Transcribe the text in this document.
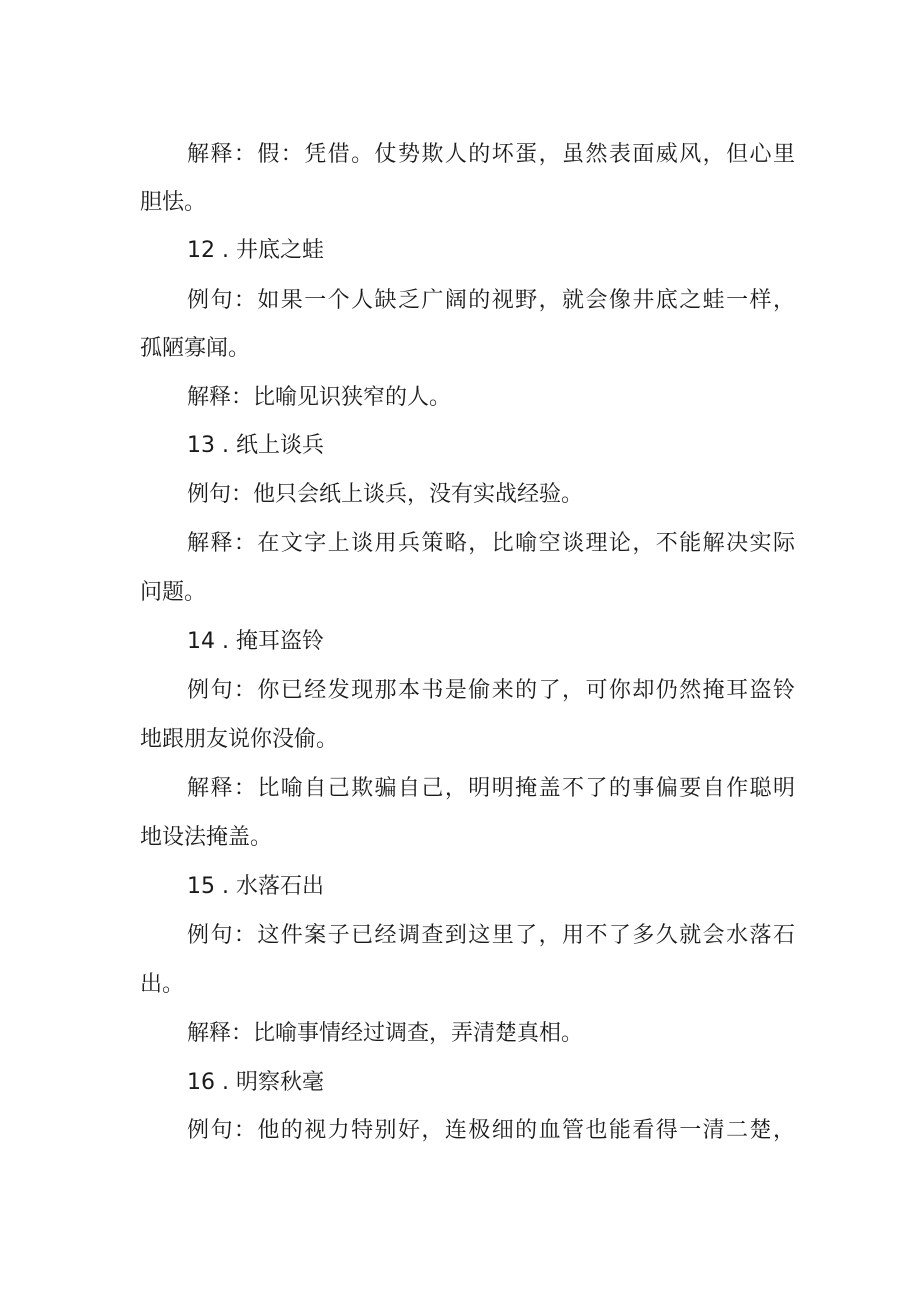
解释：假：凭借。仗势欺人的坏蛋，虽然表面威风，但心里
胆怯。
12 . 井底之蛙
例句：如果一个人缺乏广阔的视野，就会像井底之蛙一样，
孤陋寡闻。
解释：比喻见识狭窄的人。
13 . 纸上谈兵
例句：他只会纸上谈兵，没有实战经验。
解释：在文字上谈用兵策略，比喻空谈理论，不能解决实际
问题。
14 . 掩耳盗铃
例句：你已经发现那本书是偷来的了，可你却仍然掩耳盗铃
地跟朋友说你没偷。
解释：比喻自己欺骗自己，明明掩盖不了的事偏要自作聪明
地设法掩盖。
15 . 水落石出
例句：这件案子已经调查到这里了，用不了多久就会水落石
出。
解释：比喻事情经过调查，弄清楚真相。
16 . 明察秋毫
例句：他的视力特别好，连极细的血管也能看得一清二楚，
